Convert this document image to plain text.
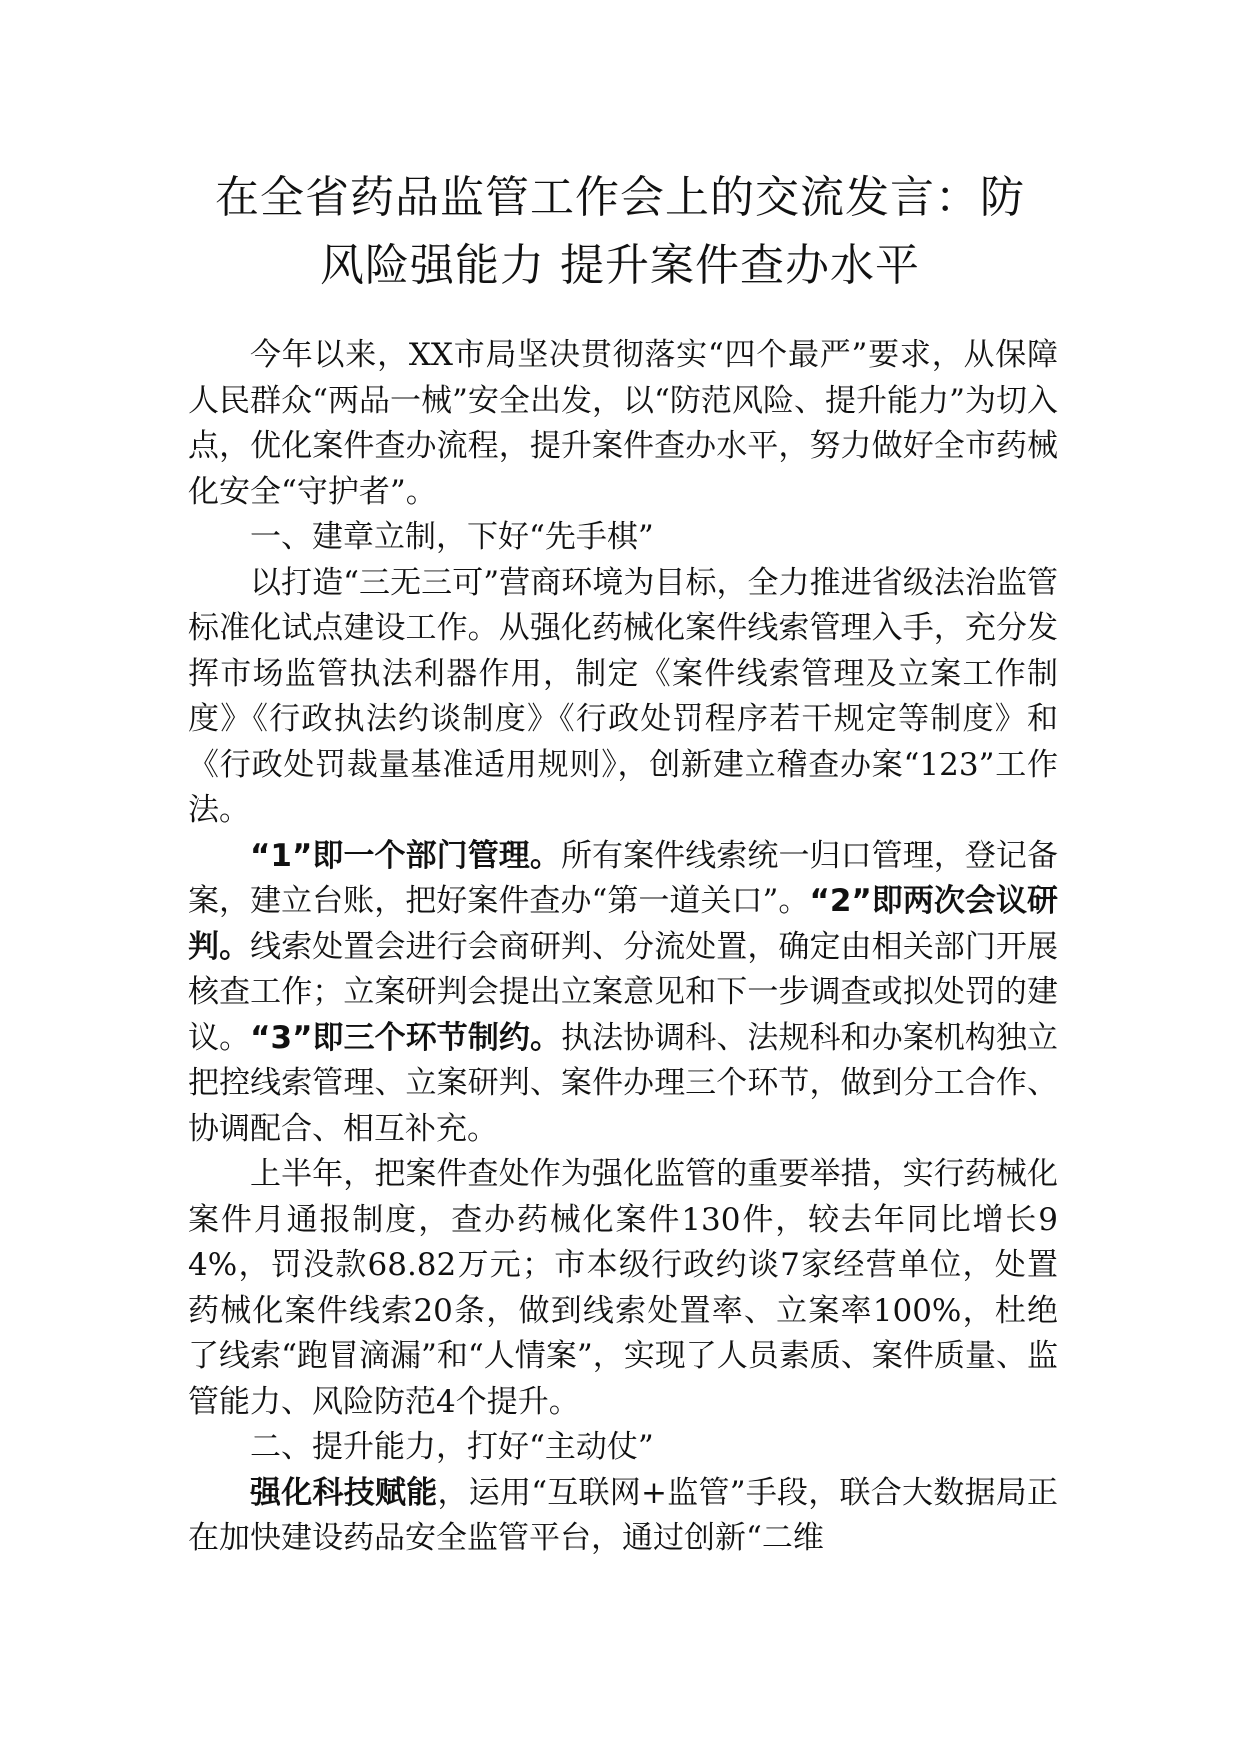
在全省药品监管工作会上的交流发言：防
风险强能力 提升案件查办水平

今年以来，XX市局坚决贯彻落实“四个最严”要求，从保障人民群众“两品一械”安全出发，以“防范风险、提升能力”为切入点，优化案件查办流程，提升案件查办水平，努力做好全市药械化安全“守护者”。

一、建章立制，下好“先手棋”

以打造“三无三可”营商环境为目标，全力推进省级法治监管标准化试点建设工作。从强化药械化案件线索管理入手，充分发挥市场监管执法利器作用，制定《案件线索管理及立案工作制度》《行政执法约谈制度》《行政处罚程序若干规定等制度》和《行政处罚裁量基准适用规则》，创新建立稽查办案“123”工作法。

“1”即一个部门管理。所有案件线索统一归口管理，登记备案，建立台账，把好案件查办“第一道关口”。“2”即两次会议研判。线索处置会进行会商研判、分流处置，确定由相关部门开展核查工作；立案研判会提出立案意见和下一步调查或拟处罚的建议。“3”即三个环节制约。执法协调科、法规科和办案机构独立把控线索管理、立案研判、案件办理三个环节，做到分工合作、协调配合、相互补充。

上半年，把案件查处作为强化监管的重要举措，实行药械化案件月通报制度，查办药械化案件130件，较去年同比增长94%，罚没款68.82万元；市本级行政约谈7家经营单位，处置药械化案件线索20条，做到线索处置率、立案率100%，杜绝了线索“跑冒滴漏”和“人情案”，实现了人员素质、案件质量、监管能力、风险防范4个提升。

二、提升能力，打好“主动仗”

强化科技赋能，运用“互联网+监管”手段，联合大数据局正在加快建设药品安全监管平台，通过创新“二维
